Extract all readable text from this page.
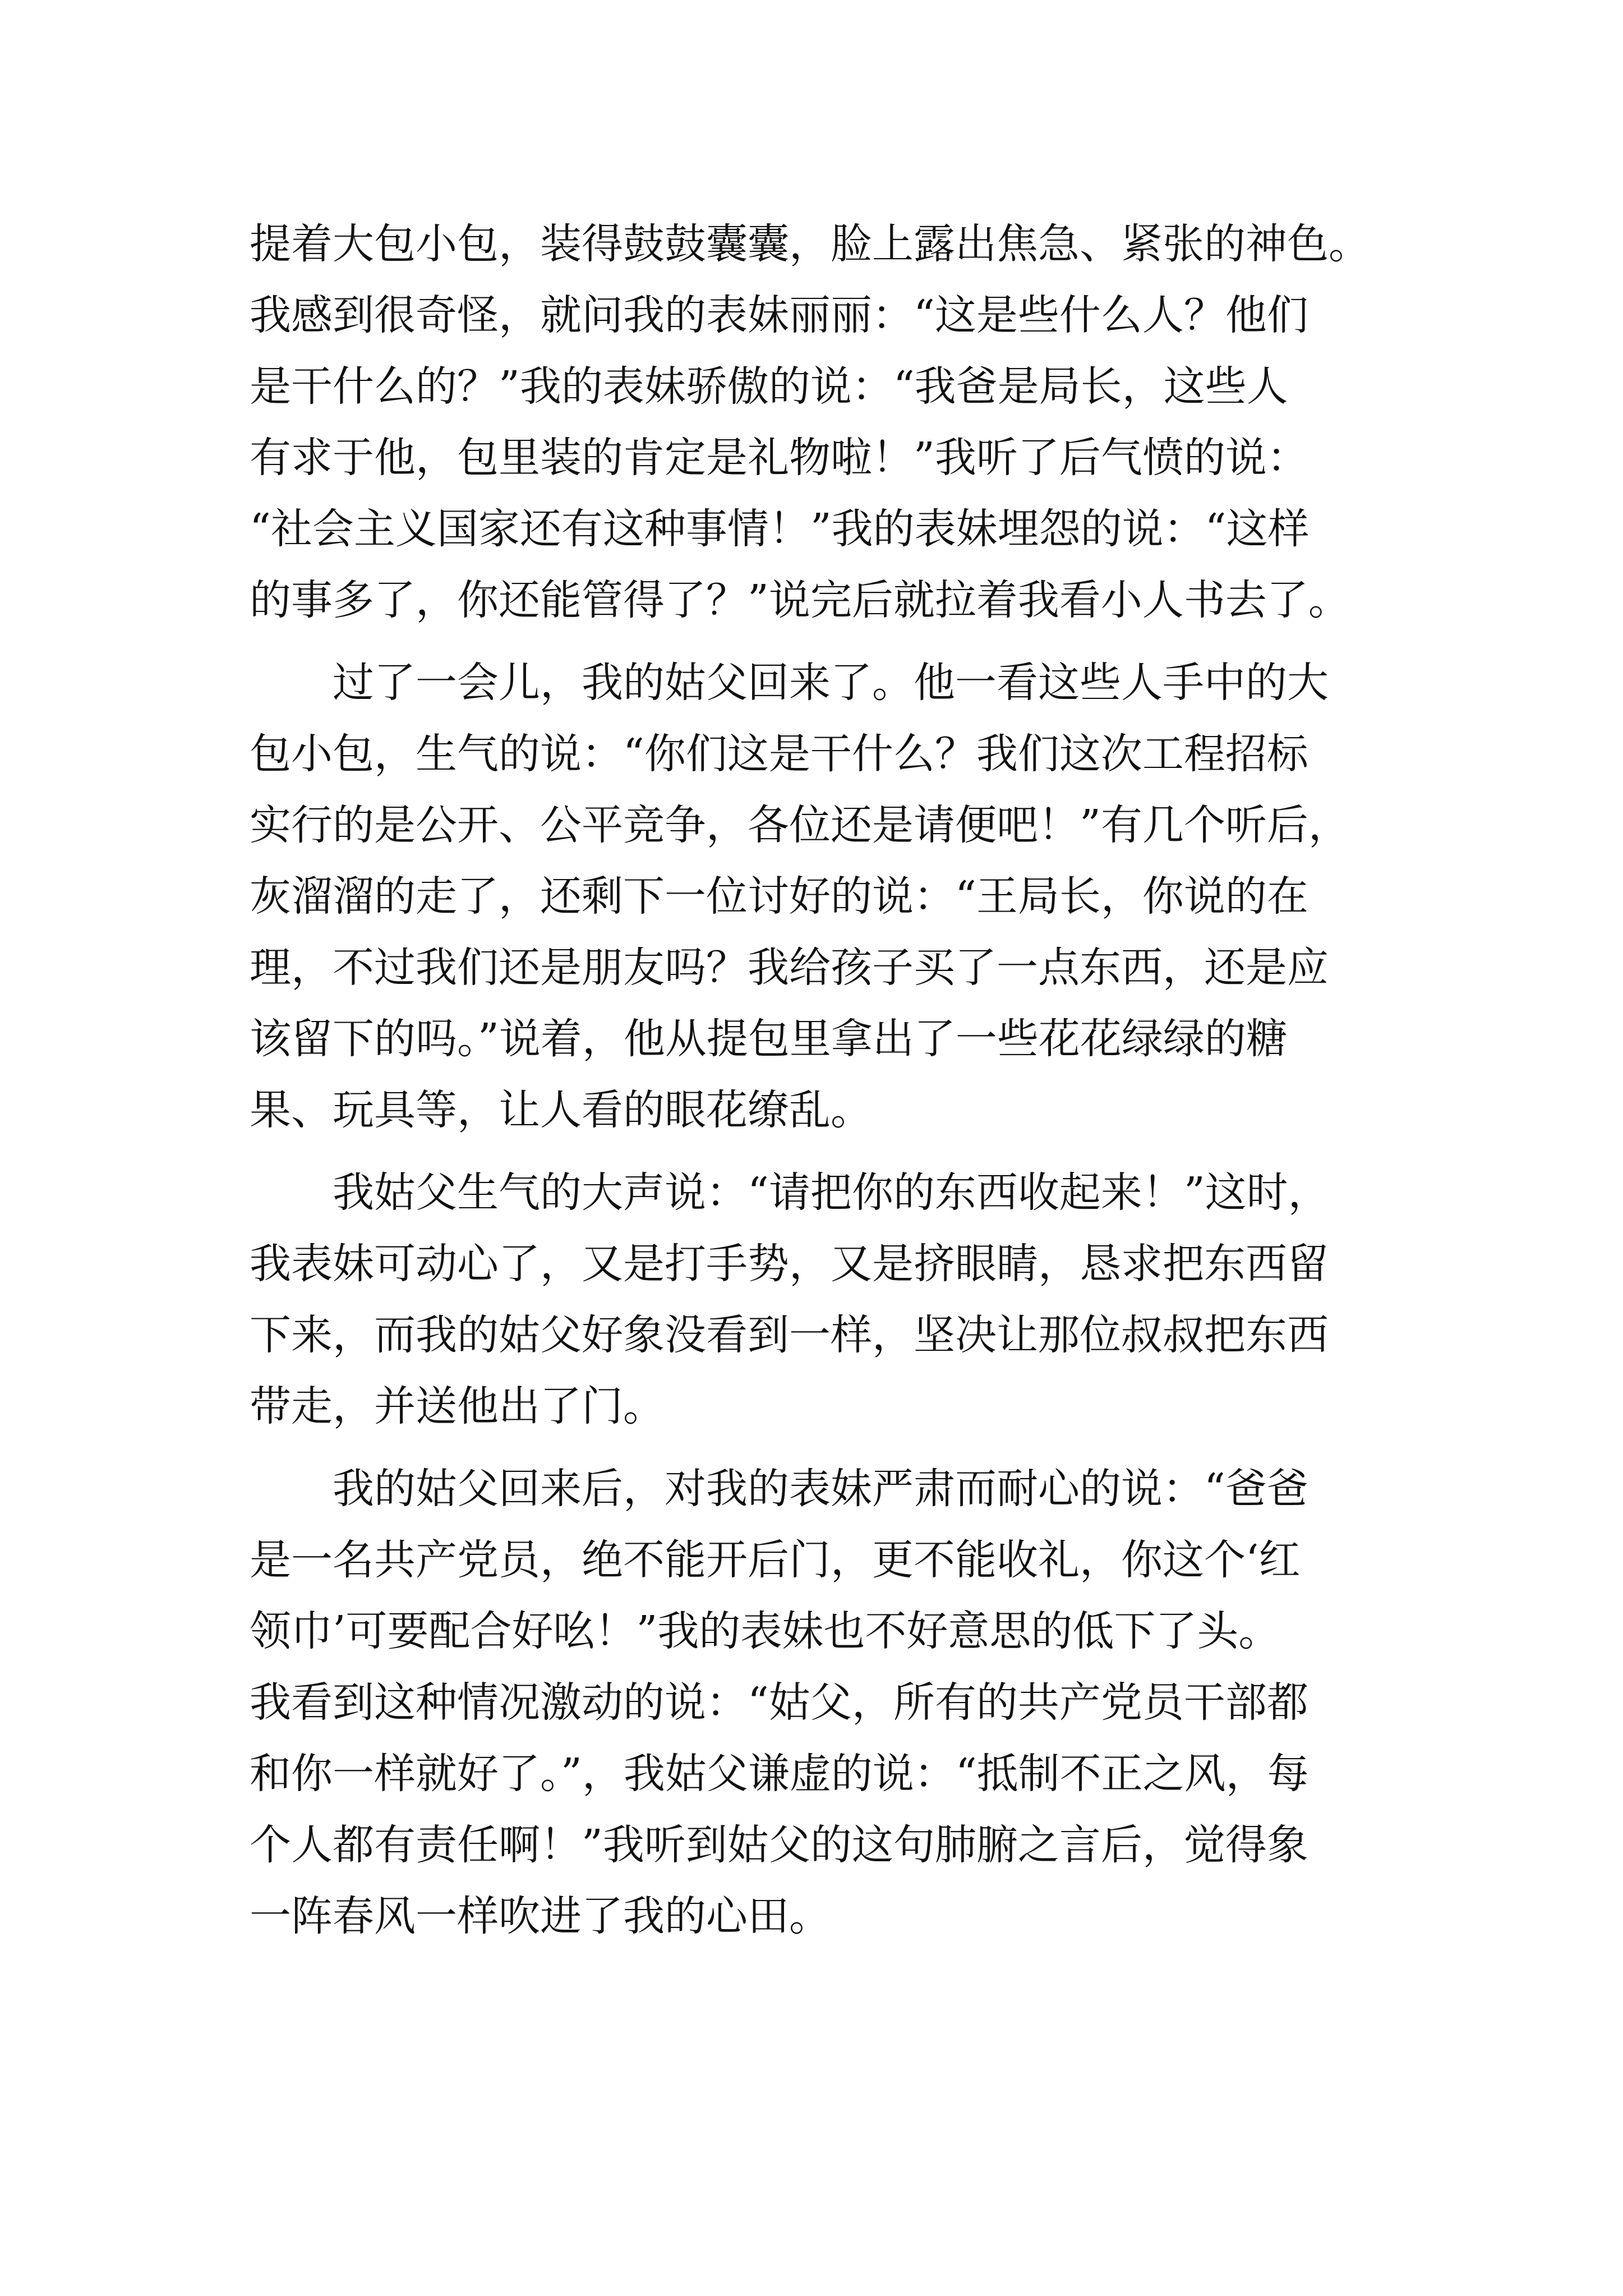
提着大包小包，装得鼓鼓囊囊，脸上露出焦急、紧张的神色。
我感到很奇怪，就问我的表妹丽丽：“这是些什么人？他们
是干什么的？”我的表妹骄傲的说：“我爸是局长，这些人
有求于他，包里装的肯定是礼物啦！”我听了后气愤的说：
“社会主义国家还有这种事情！”我的表妹埋怨的说：“这样
的事多了，你还能管得了？”说完后就拉着我看小人书去了。
过了一会儿，我的姑父回来了。他一看这些人手中的大
包小包，生气的说：“你们这是干什么？我们这次工程招标
实行的是公开、公平竞争，各位还是请便吧！”有几个听后，
灰溜溜的走了，还剩下一位讨好的说：“王局长，你说的在
理，不过我们还是朋友吗？我给孩子买了一点东西，还是应
该留下的吗。”说着，他从提包里拿出了一些花花绿绿的糖
果、玩具等，让人看的眼花缭乱。
我姑父生气的大声说：“请把你的东西收起来！”这时，
我表妹可动心了，又是打手势，又是挤眼睛，恳求把东西留
下来，而我的姑父好象没看到一样，坚决让那位叔叔把东西
带走，并送他出了门。
我的姑父回来后，对我的表妹严肃而耐心的说：“爸爸
是一名共产党员，绝不能开后门，更不能收礼，你这个‘红
领巾’可要配合好吆！”我的表妹也不好意思的低下了头。
我看到这种情况激动的说：“姑父，所有的共产党员干部都
和你一样就好了。”，我姑父谦虚的说：“抵制不正之风，每
个人都有责任啊！”我听到姑父的这句肺腑之言后，觉得象
一阵春风一样吹进了我的心田。
